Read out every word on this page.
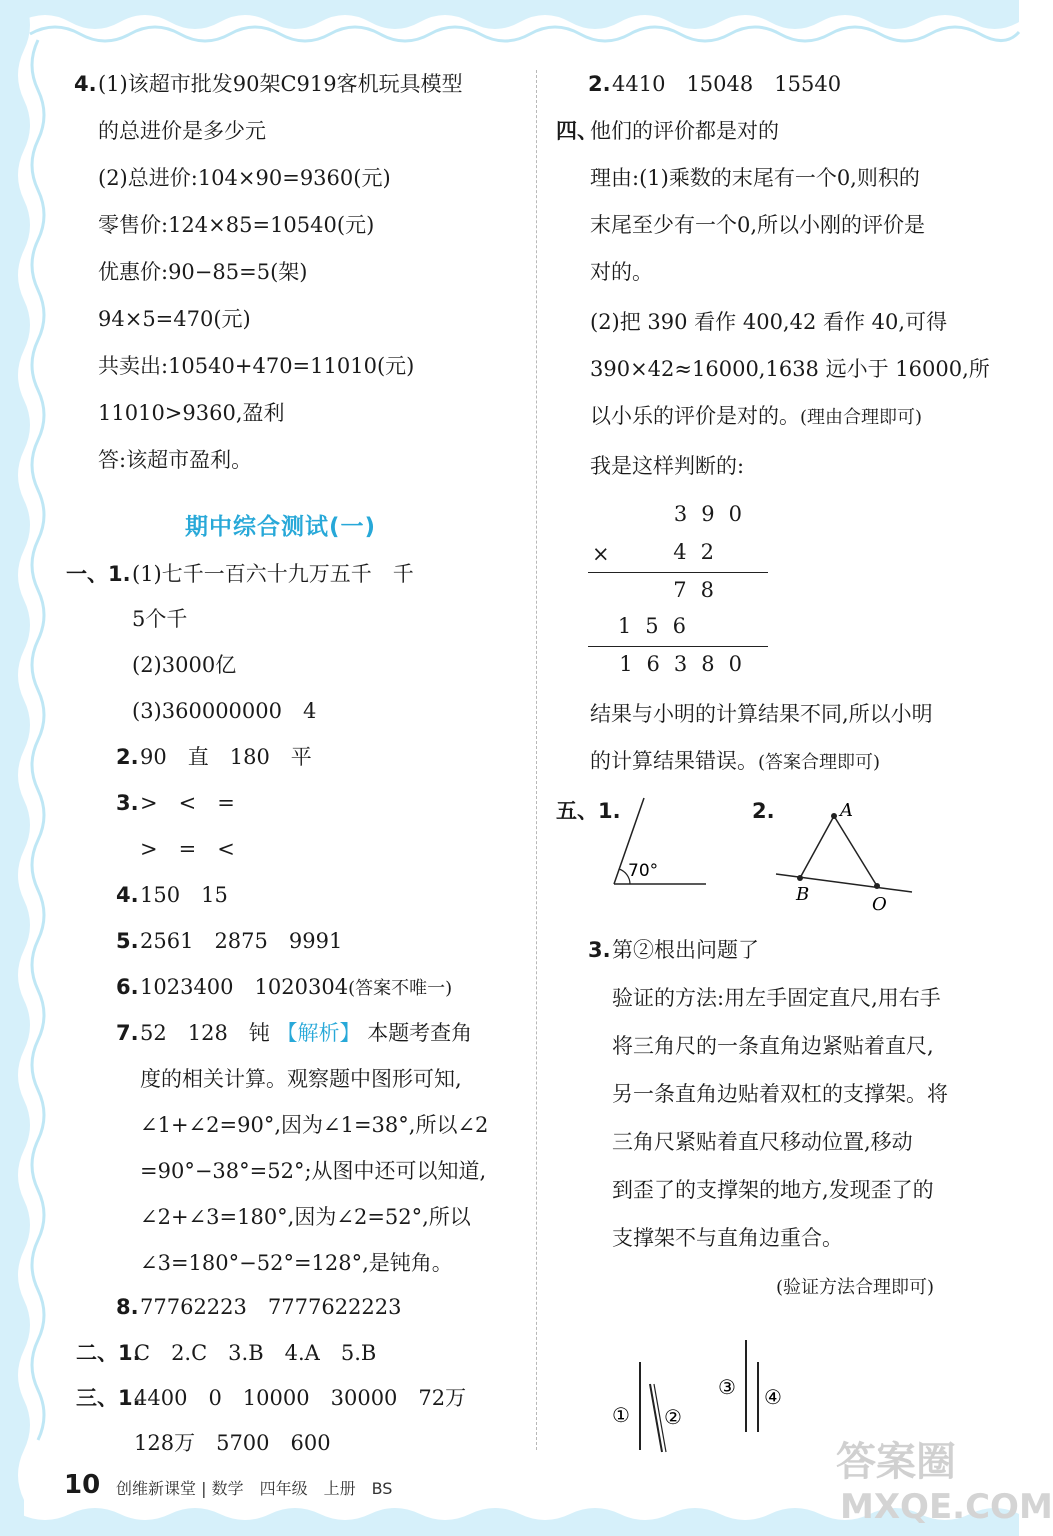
4. (1)该超市批发90架C919客机玩具模型
的总进价是多少元
(2)总进价:104×90=9360(元)
零售价:124×85=10540(元)
优惠价:90−85=5(架)
94×5=470(元)
共卖出:10540+470=11010(元)
11010>9360,盈利
答:该超市盈利。
期中综合测试(一)
一、1. (1)七千一百六十九万五千　千
5个千
(2)3000亿
(3)360000000　4
2. 90　直　180　平
3. >　<　=
>　=　<
4. 150　15
5. 2561　2875　9991
6. 1023400　1020304(答案不唯一)
7. 52　128　钝 【解析】 本题考查角
度的相关计算。观察题中图形可知,
∠1+∠2=90°,因为∠1=38°,所以∠2
=90°−38°=52°;从图中还可以知道,
∠2+∠3=180°,因为∠2=52°,所以
∠3=180°−52°=128°,是钝角。
8. 77762223　7777622223
二、1.
C　2.C　3.B　4.A　5.B
三、1.
4400　0　10000　30000　72万
128万　5700　600
2. 4410　15048　15540
四、
他们的评价都是对的
理由:(1)乘数的末尾有一个0,则积的
末尾至少有一个0,所以小刚的评价是
对的。
(2)把 390 看作 400,42 看作 40,可得
390×42≈16000,1638 远小于 16000,所
以小乐的评价是对的。(理由合理即可)
我是这样判断的:
390
×	42
78
156
16380
结果与小明的计算结果不同,所以小明
的计算结果错误。(答案合理即可)
五、1.
70°
2.	A
B	O
3. 第②根出问题了
验证的方法:用左手固定直尺,用右手
将三角尺的一条直角边紧贴着直尺,
另一条直角边贴着双杠的支撑架。将
三角尺紧贴着直尺移动位置,移动
到歪了的支撑架的地方,发现歪了的
支撑架不与直角边重合。
(验证方法合理即可)
① ②
③ ④
10 创维新课堂 | 数学　四年级　上册　BS
答案圈
MXQE.COM
